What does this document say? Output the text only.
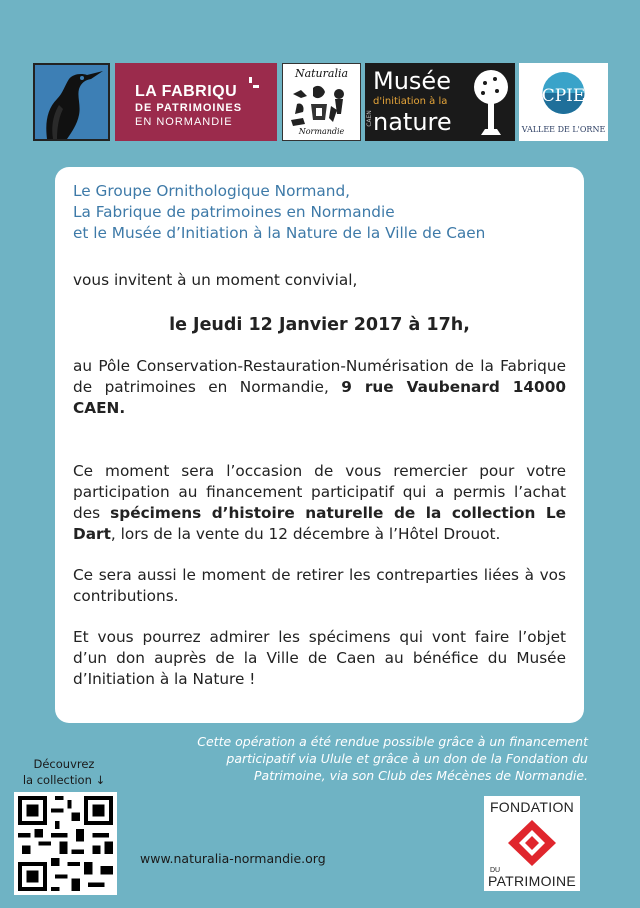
LA FABRIQU
DE PATRIMOINES
EN NORMANDIE
Naturalia
Normandie
CAEN
Musée
d'initiation à la
nature
CPIE
VALLEE DE L'ORNE
Le Groupe Ornithologique Normand,
La Fabrique de patrimoines en Normandie
et le Musée d’Initiation à la Nature de la Ville de Caen

vous invitent à un moment convivial,

le Jeudi 12 Janvier 2017 à 17h,

au Pôle Conservation-Restauration-Numérisation de la Fabrique de patrimoines en Normandie, 9 rue Vaubenard 14000 CAEN.

Ce moment sera l’occasion de vous remercier pour votre participation au financement participatif qui a permis l’achat des spécimens d’histoire naturelle de la collection Le Dart, lors de la vente du 12 décembre à l’Hôtel Drouot.

Ce sera aussi le moment de retirer les contreparties liées à vos contributions.

Et vous pourrez admirer les spécimens qui vont faire l’objet d’un don auprès de la Ville de Caen au bénéfice du Musée d’Initiation à la Nature !

Cette opération a été rendue possible grâce à un financement
participatif via Ulule et grâce à un don de la Fondation du
Patrimoine, via son Club des Mécènes de Normandie.
Découvrez
la collection ↓
www.naturalia-normandie.org
FONDATION
DU
PATRIMOINE
